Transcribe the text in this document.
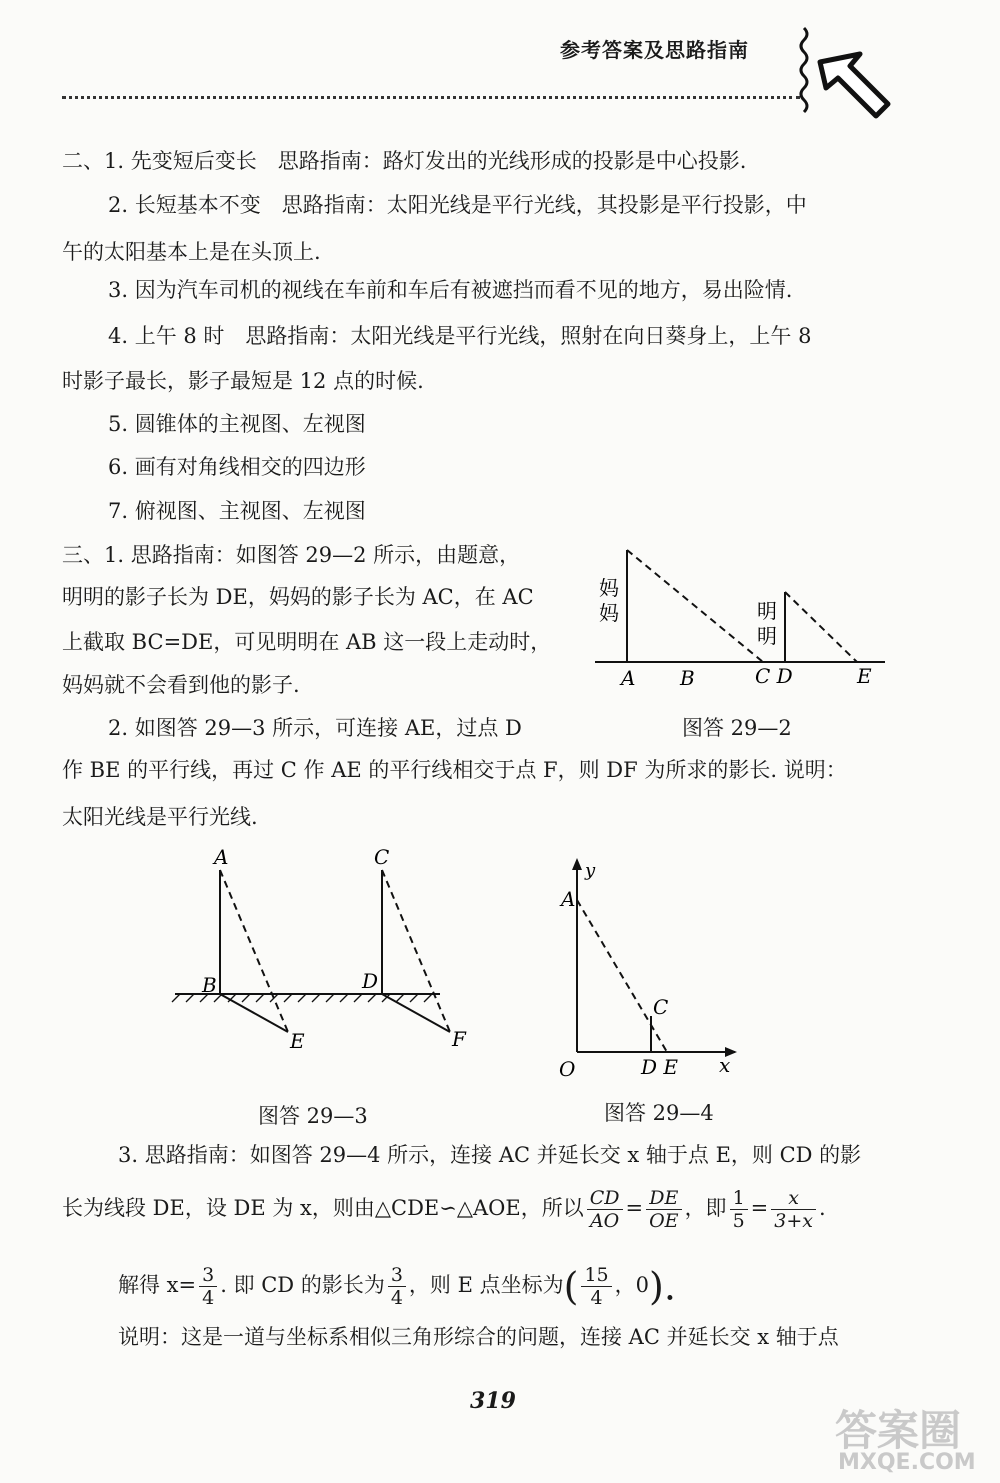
参考答案及思路指南
二、1. 先变短后变长　思路指南：路灯发出的光线形成的投影是中心投影.
2. 长短基本不变　思路指南：太阳光线是平行光线，其投影是平行投影，中
午的太阳基本上是在头顶上.
3. 因为汽车司机的视线在车前和车后有被遮挡而看不见的地方，易出险情.
4. 上午 8 时　思路指南：太阳光线是平行光线，照射在向日葵身上，上午 8
时影子最长，影子最短是 12 点的时候.
5. 圆锥体的主视图、左视图
6. 画有对角线相交的四边形
7. 俯视图、主视图、左视图
三、1. 思路指南：如图答 29—2 所示，由题意，
明明的影子长为 DE，妈妈的影子长为 AC，在 AC
上截取 BC=DE，可见明明在 AB 这一段上走动时，
妈妈就不会看到他的影子.
2. 如图答 29—3 所示，可连接 AE，过点 D
作 BE 的平行线，再过 C 作 AE 的平行线相交于点 F，则 DF 为所求的影长. 说明：
太阳光线是平行光线.
妈
妈	明
明
A B	C D	E
图答 29—2
A
B
E
C
D
F
图答 29—3
y
A
C
O	D E x
图答 29—4
3. 思路指南：如图答 29—4 所示，连接 AC 并延长交 x 轴于点 E，则 CD 的影
长为线段 DE，设 DE 为 x，则由△CDE∽△AOE，所以 $\frac{CD}{AO} = \frac{DE}{OE}$ ，即 $\frac{1}{5} = \frac{x}{3+x}$ .
解得 $x= \frac{3}{4}$ . 即 CD 的影长为 $\frac{3}{4}$ ，则 E 点坐标为( $\frac{15}{4}$ ，0).
说明：这是一道与坐标系相似三角形综合的问题，连接 AC 并延长交 x 轴于点
319
答案圈
MXQE.COM
